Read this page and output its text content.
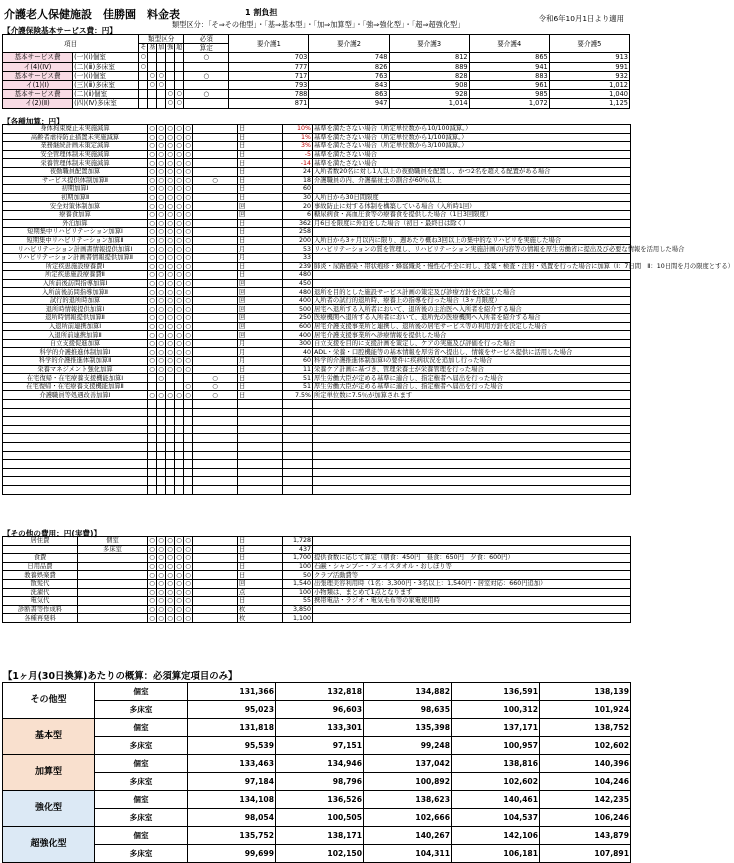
介護老人保健施設　佳勝園　料金表	1 割負担
類型区分：「そ⇒その他型」・「基⇒基本型」・「加⇒加算型」・「強⇒強化型」・「超⇒超強化型」
令和6年10月1日より適用
【介護保険基本サービス費：円】
項目		類型区分					必須	要介護1	要介護2	要介護3	要介護4	要介護5
		そ	基	加	強	超	算定					
基本サービス費	(一)(ⅰ)個室	○					○	703	748	812	865	913
イ(4)(IV)	(二)(ⅲ)多床室	○						777	826	889	941	991
基本サービス費	(一)(ⅰ)個室		○	○			○	717	763	828	883	932
イ(1)(Ⅰ)	(三)(ⅲ)多床室		○	○				793	843	908	961	1,012
基本サービス費	(二)(ⅱ)個室				○	○	○	788	863	928	985	1,040
イ(2)(Ⅱ)	(四)(Ⅳ)多床室				○	○		871	947	1,014	1,072	1,125
【各種加算：円】
身体拘束廃止未実施減算	○	○	○	○	○		日	10%	基準を満たさない場合（所定単位数から10/100減算。）
高齢者虐待防止措置未実施減算	○	○	○	○	○		日	1%	基準を満たさない場合（所定単位数から1/100減算。）
業務継続計画未策定減算	○	○	○	○	○		日	3%	基準を満たさない場合（所定単位数から3/100減算。）
安全管理体制未実施減算	○	○	○	○	○		日	-5	基準を満たさない場合
栄養管理体制未実施減算	○	○	○	○	○		日	-14	基準を満たさない場合
夜勤職員配置加算	○	○	○	○	○		日	24	入所者数20名に対し1人以上の夜勤職員を配置し、かつ2名を超える配置がある場合
サービス提供体制加算Ⅱ	○	○	○	○	○	○	日	18	介護職員の内、介護福祉士の割合が60％以上
初期加算Ⅰ	○	○	○	○	○		日	60	
初期加算Ⅱ	○	○	○	○	○		日	30	入所日から30日間限度
安全対策体制加算	○	○	○	○	○		回	20	事故防止に対する体制を構築している場合（入所時1回）
療養食加算	○	○	○	○	○		回	6	糖尿病食・高血圧食等の療養食を提供した場合（1日3回限度）
外泊加算	○	○	○	○	○		日	362	月6日を限度に外泊をした場合（初日・最終日は除く）
短期集中リハビリテーション加算Ⅰ	○	○	○	○	○		日	258	
短期集中リハビリテーション加算Ⅱ	○	○	○	○	○		日	200	入所日から3ヶ月以内に限り、週あたり概ね3回以上の集中的なリハビリを実施した場合
リハビリテーション計画書情報提供加算Ⅰ	○	○	○	○	○		月	53	リハビリテーションの質を管理し、リハビリテーション実施計画の内容等の情報を厚生労働省に提出及び必要な情報を活用した場合
リハビリテーション計画書情報提供加算Ⅱ	○	○	○	○	○		月	33	
所定疾患施設療養費Ⅰ	○	○	○	○	○		日	239	肺炎・尿路感染・帯状疱疹・蜂窩織炎・慢性心不全に対し、投薬・検査・注射・処置を行った場合に加算（Ⅰ：7日間　Ⅱ：10日間を月の限度とする）
所定疾患施設療養費Ⅱ	○	○	○	○	○		日	480	
入所前後訪問指導加算Ⅰ	○	○	○	○	○		回	450	
入所前後訪問指導加算Ⅱ	○	○	○	○	○		回	480	退所を目的とした施設サービス計画の策定及び診療方針を決定した場合
試行的退所時加算	○	○	○	○	○		回	400	入所者の試行的退所時、療養上の指導を行った場合（3ヶ月限度）
退所時情報提供加算Ⅰ	○	○	○	○	○		回	500	居宅へ退所する入所者において、退所後の主治医へ入所者を紹介する場合
退所時情報提供加算Ⅱ	○	○	○	○	○		回	250	医療機関へ退所する入所者において、退所先の医療機関へ入所者を紹介する場合
入退所前連携加算Ⅰ	○	○	○	○	○		回	600	居宅介護支援事業所と連携し、退所後の居宅サービス等の利用方針を決定した場合
入退所前連携加算Ⅱ	○	○	○	○	○		回	400	居宅介護支援事業所へ診療情報を提供した場合
自立支援促進加算	○	○	○	○	○		月	300	自立支援を目的に支援計画を策定し、ケアの実施及び評価を行った場合
科学的介護推進体制加算Ⅰ	○	○	○	○	○		月	40	ADL・栄養・口腔機能等の基本情報を厚労省へ提出し、情報をサービス提供に活用した場合
科学的介護推進体制加算Ⅱ	○	○	○	○	○		月	60	科学的介護推進体制加算Ⅰの要件に疾病状況を追加し行った場合
栄養マネジメント強化加算	○	○	○	○	○		日	11	栄養ケア計画に基づき、管理栄養士が栄養管理を行った場合
在宅復帰・在宅療養支援機能加算Ⅰ		○				○	日	51	厚生労働大臣が定める基準に適合し、指定権者へ届出を行った場合
在宅復帰・在宅療養支援機能加算Ⅱ					○	○	日	51	厚生労働大臣が定める基準に適合し、指定権者へ届出を行った場合
介護職員等処遇改善加算Ⅰ	○	○	○	○	○	○	日	7.5%	所定単位数に7.5％が加算されます

【その他の費用：円(実費)】
居住費	個室	○	○	○	○	○		日	1,728	
	多床室	○	○	○	○	○		日	437	
食費		○	○	○	○	○		日	1,700	提供食数に応じて算定（朝食：450円　昼食：650円　夕食：600円）
日用品費		○	○	○	○	○		日	100	石鹸・シャンプー・フェイスタオル・おしぼり等
教養娯楽費		○	○	○	○	○		日	50	クラブ活動費等
散髪代		○	○	○	○	○		回	1,540	出張理美容利用時（1名：3,300円・3名以上：1,540円・居室対応：660円追加）
洗濯代		○	○	○	○	○		点	100	小物類は、まとめて1点となります
電気代		○	○	○	○	○		日	55	携帯電話・ラジオ・電気毛布等の家電使用時
診断書等作成料		○	○	○	○	○		枚	3,850	
各種再発料		○	○	○	○	○		枚	1,100	
【1ヶ月(30日換算)あたりの概算：必須算定項目のみ】
その他型	個室	131,366	132,818	134,882	136,591	138,139
	多床室	95,023	96,603	98,635	100,312	101,924
基本型	個室	131,818	133,301	135,398	137,171	138,752
	多床室	95,539	97,151	99,248	100,957	102,602
加算型	個室	133,463	134,946	137,042	138,816	140,396
	多床室	97,184	98,796	100,892	102,602	104,246
強化型	個室	134,108	136,526	138,623	140,461	142,235
	多床室	98,054	100,505	102,666	104,537	106,246
超強化型	個室	135,752	138,171	140,267	142,106	143,879
	多床室	99,699	102,150	104,311	106,181	107,891
